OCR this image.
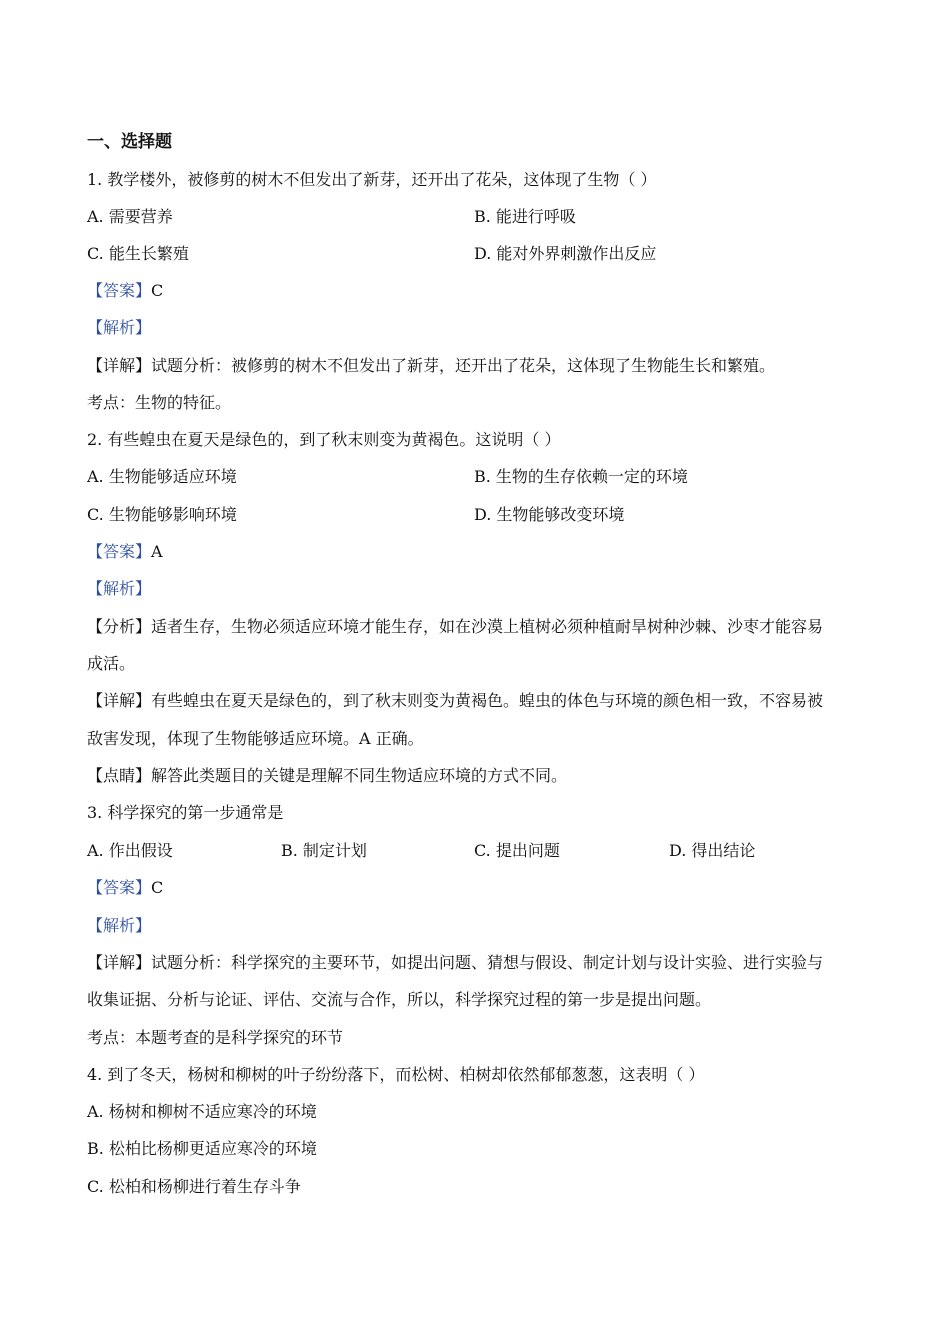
一、选择题
1. 教学楼外，被修剪的树木不但发出了新芽，还开出了花朵，这体现了生物（ ）
A. 需要营养	B. 能进行呼吸
C. 能生长繁殖	D. 能对外界刺激作出反应
【答案】C
【解析】
【详解】试题分析：被修剪的树木不但发出了新芽，还开出了花朵，这体现了生物能生长和繁殖。
考点：生物的特征。
2. 有些蝗虫在夏天是绿色的，到了秋末则变为黄褐色。这说明（ ）
A. 生物能够适应环境	B. 生物的生存依赖一定的环境
C. 生物能够影响环境	D. 生物能够改变环境
【答案】A
【解析】
【分析】适者生存，生物必须适应环境才能生存，如在沙漠上植树必须种植耐旱树种沙棘、沙枣才能容易
成活。
【详解】有些蝗虫在夏天是绿色的，到了秋末则变为黄褐色。蝗虫的体色与环境的颜色相一致，不容易被
敌害发现，体现了生物能够适应环境。A 正确。
【点睛】解答此类题目的关键是理解不同生物适应环境的方式不同。
3. 科学探究的第一步通常是
A. 作出假设	B. 制定计划	C. 提出问题	D. 得出结论
【答案】C
【解析】
【详解】试题分析：科学探究的主要环节，如提出问题、猜想与假设、制定计划与设计实验、进行实验与
收集证据、分析与论证、评估、交流与合作，所以，科学探究过程的第一步是提出问题。
考点：本题考查的是科学探究的环节
4. 到了冬天，杨树和柳树的叶子纷纷落下，而松树、柏树却依然郁郁葱葱，这表明（ ）
A. 杨树和柳树不适应寒冷的环境
B. 松柏比杨柳更适应寒冷的环境
C. 松柏和杨柳进行着生存斗争
